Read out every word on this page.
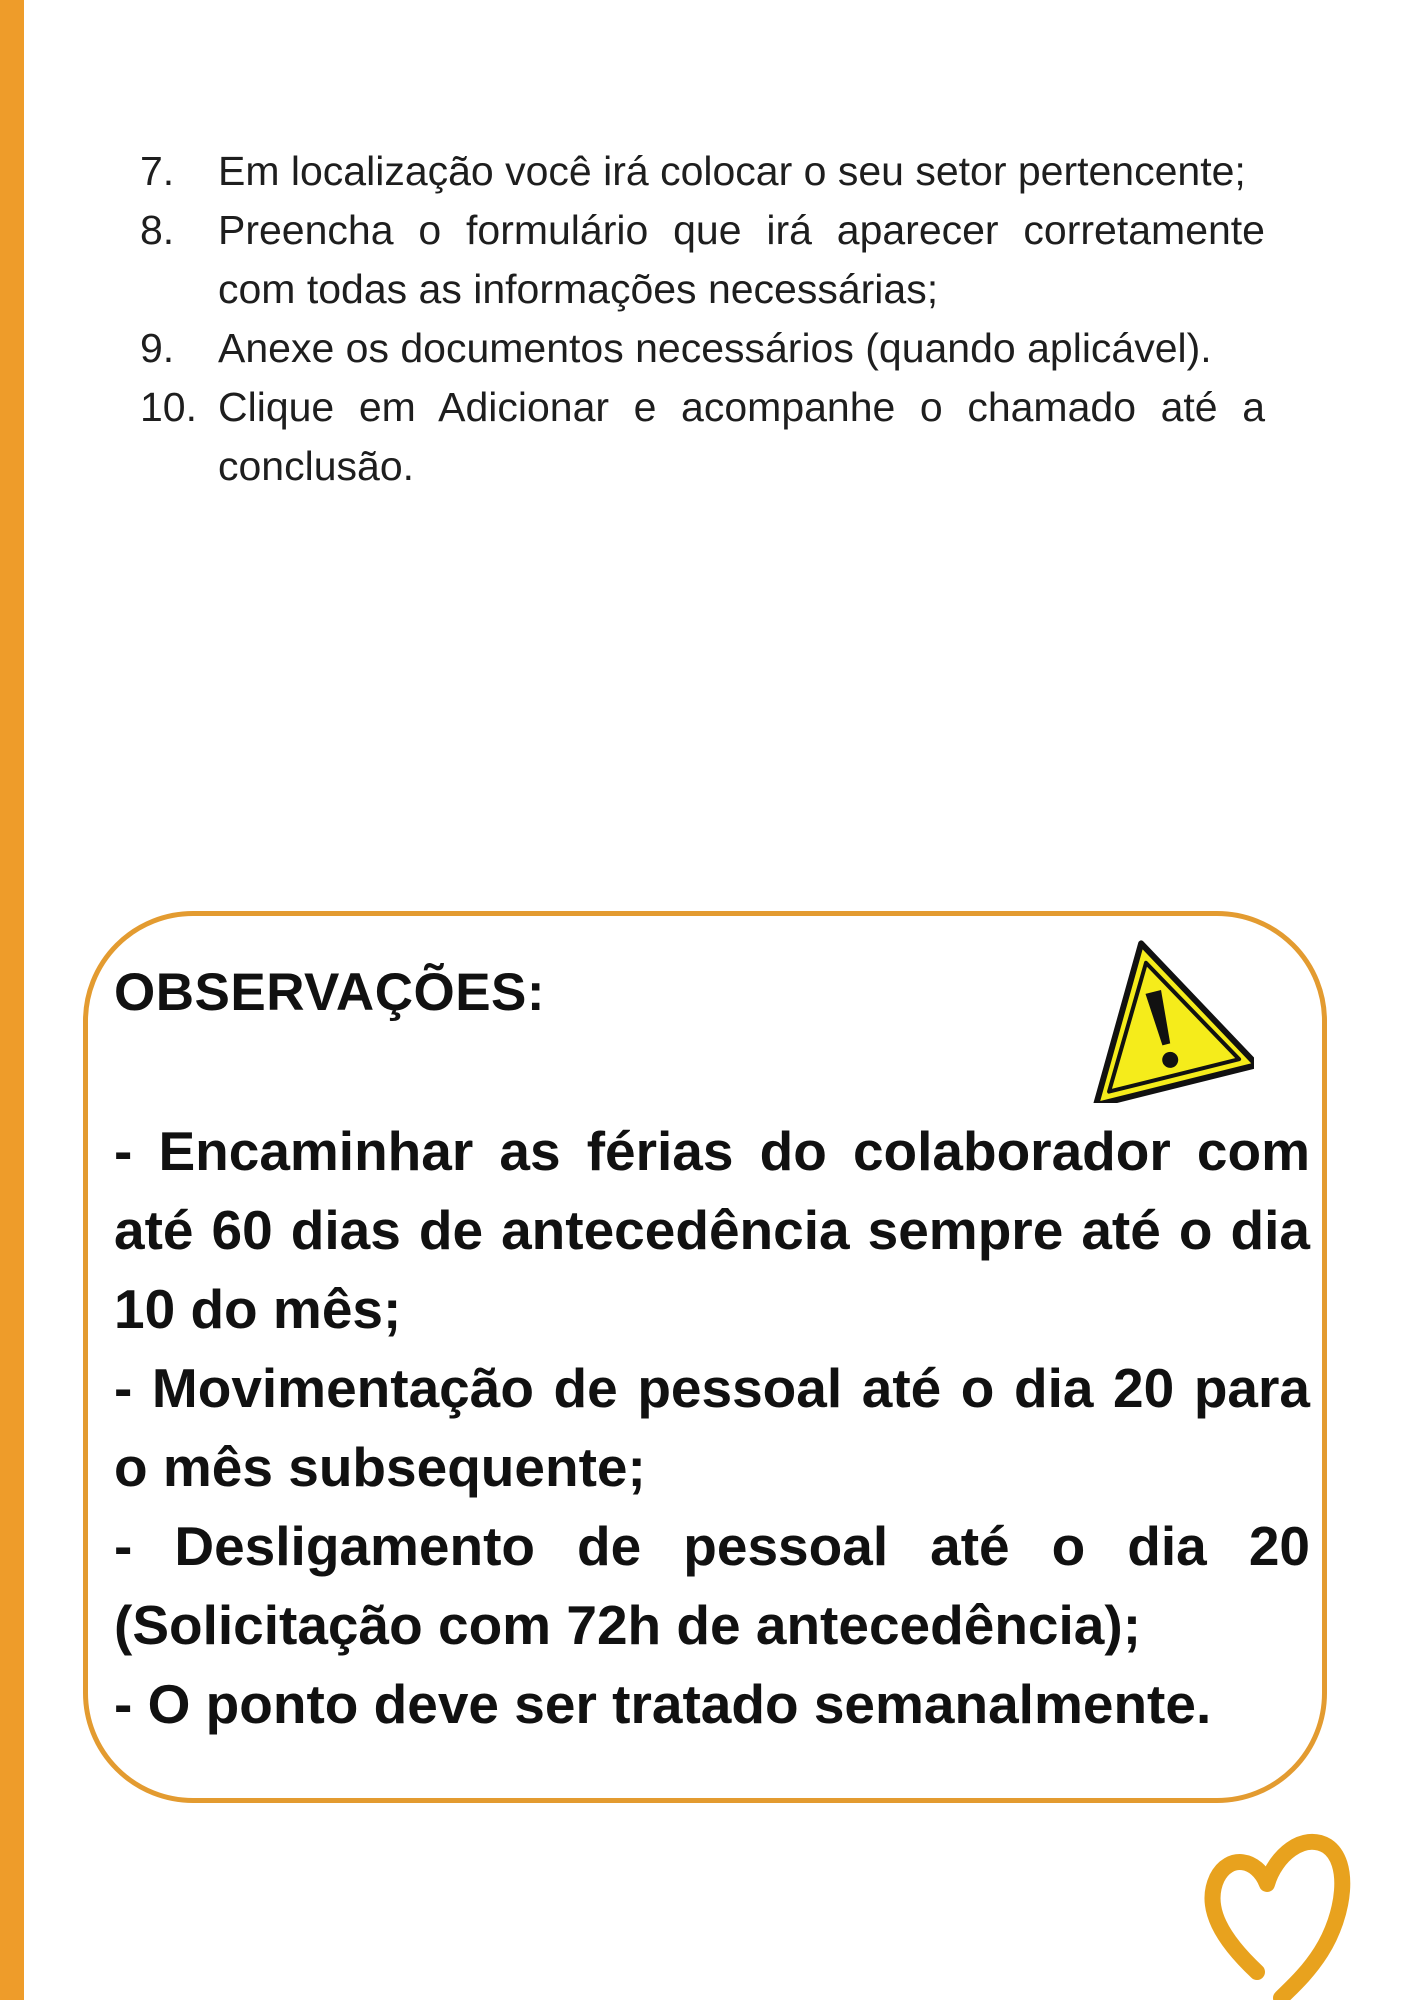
7.	Em localização você irá colocar o seu setor pertencente;
8.	Preencha o formulário que irá aparecer corretamente com todas as informações necessárias;
9.	Anexe os documentos necessários (quando aplicável).
10. Clique em Adicionar e acompanhe o chamado até a conclusão.
OBSERVAÇÕES:
- Encaminhar as férias do colaborador com até 60 dias de antecedência sempre até o dia 10 do mês;
- Movimentação de pessoal até o dia 20 para o mês subsequente;
- Desligamento de pessoal até o dia 20 (Solicitação com 72h de antecedência);
- O ponto deve ser tratado semanalmente.
